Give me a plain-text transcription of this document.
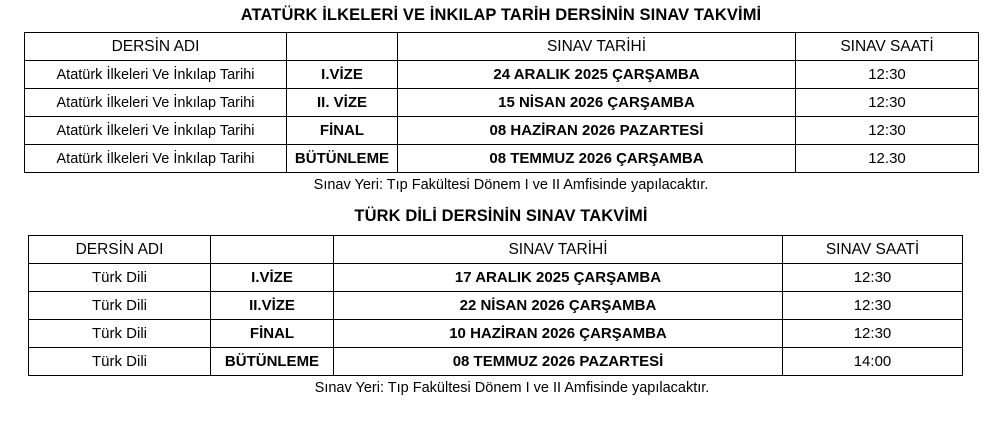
ATATÜRK İLKELERİ VE İNKILAP TARİH DERSİNİN SINAV TAKVİMİ
DERSİN ADI		SINAV TARİHİ	SINAV SAATİ
Atatürk İlkeleri Ve İnkılap Tarihi	I.VİZE	24 ARALIK 2025 ÇARŞAMBA	12:30
Atatürk İlkeleri Ve İnkılap Tarihi	II. VİZE	15 NİSAN 2026 ÇARŞAMBA	12:30
Atatürk İlkeleri Ve İnkılap Tarihi	FİNAL	08 HAZİRAN 2026 PAZARTESİ	12:30
Atatürk İlkeleri Ve İnkılap Tarihi	BÜTÜNLEME	08 TEMMUZ 2026 ÇARŞAMBA	12.30
Sınav Yeri: Tıp Fakültesi Dönem I ve II Amfisinde yapılacaktır.
TÜRK DİLİ DERSİNİN SINAV TAKVİMİ
DERSİN ADI		SINAV TARİHİ	SINAV SAATİ
Türk Dili	I.VİZE	17 ARALIK 2025 ÇARŞAMBA	12:30
Türk Dili	II.VİZE	22 NİSAN 2026 ÇARŞAMBA	12:30
Türk Dili	FİNAL	10 HAZİRAN 2026 ÇARŞAMBA	12:30
Türk Dili	BÜTÜNLEME	08 TEMMUZ 2026 PAZARTESİ	14:00
Sınav Yeri: Tıp Fakültesi Dönem I ve II Amfisinde yapılacaktır.
